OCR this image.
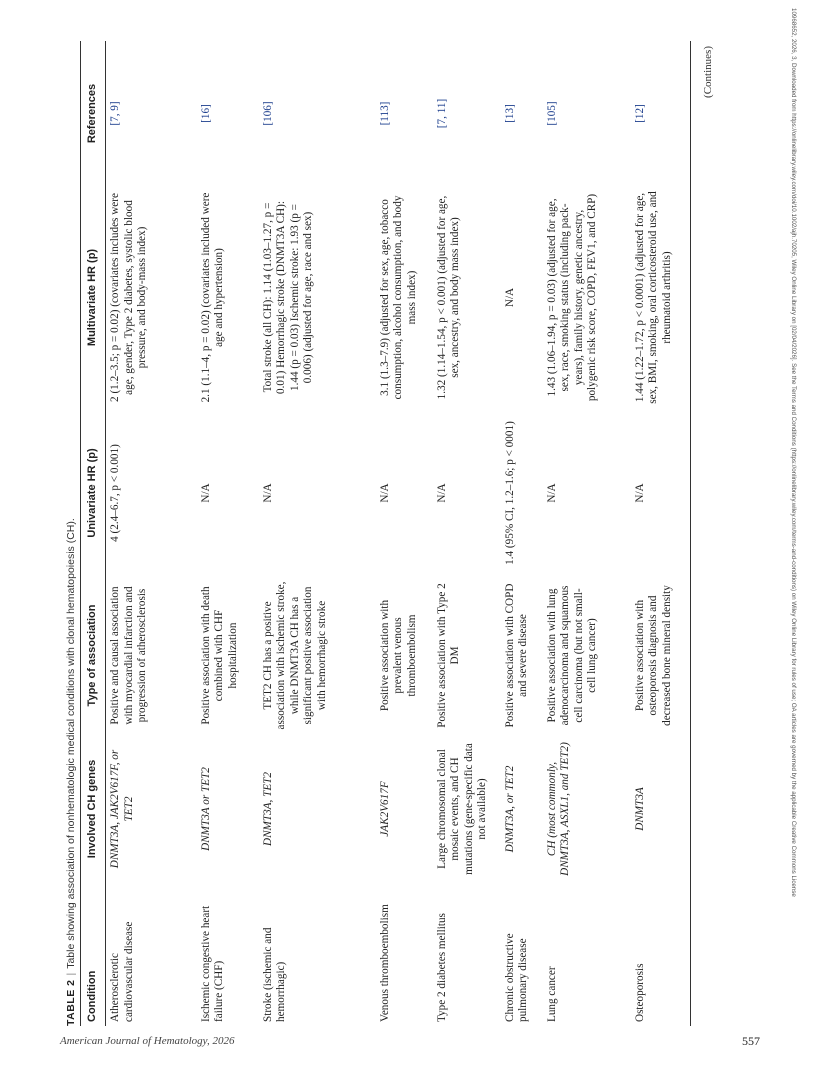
10968652, 2026, 3, Downloaded from https://onlinelibrary.wiley.com/doi/10.1002/ajh.70205, Wiley Online Library on [02/04/2026]. See the Terms and Conditions (https://onlinelibrary.wiley.com/terms-and-conditions) on Wiley Online Library for rules of use; OA articles are governed by the applicable Creative Commons License
TABLE 2|Table showing association of nonhematologic medical conditions with clonal hematopoiesis (CH).
Condition	Involved CH genes	Type of association	Univariate HR (p)	Multivariate HR (p)	References
Atherosclerotic cardiovascular disease	DNMT3A, JAK2V617F, or TET2	Positive and causal association with myocardial infarction and progression of atherosclerosis	4 (2.4–6.7, p < 0.001)	2 (1.2–3.5; p = 0.02) (covariates includes were age, gender, Type 2 diabetes, systolic blood pressure, and body-mass index)	[7, 9]
Ischemic congestive heart failure (CHF)	DNMT3A or TET2	Positive association with death combined with CHF hospitalization	N/A	2.1 (1.1–4, p = 0.02) (covariates included were age and hypertension)	[16]
Stroke (ischemic and hemorrhagic)	DNMT3A, TET2	TET2 CH has a positive association with ischemic stroke, while DNMT3A CH has a significant positive association with hemorrhagic stroke	N/A	Total stroke (all CH): 1.14 (1.03–1.27, p = 0.01) Hemorrhagic stroke (DNMT3A CH): 1.44 (p = 0.03) Ischemic stroke: 1.93 (p = 0.006) (adjusted for age, race and sex)	[106]
Venous thromboembolism	JAK2V617F	Positive association with prevalent venous thromboembolism	N/A	3.1 (1.3–7.9) (adjusted for sex, age, tobacco consumption, alcohol consumption, and body mass index)	[113]
Type 2 diabetes mellitus	Large chromosomal clonal mosaic events, and CH mutations (gene-specific data not available)	Positive association with Type 2 DM	N/A	1.32 (1.14–1.54, p < 0.001) (adjusted for age, sex, ancestry, and body mass index)	[7, 11]
Chronic obstructive pulmonary disease	DNMT3A, or TET2	Positive association with COPD and severe disease	1.4 (95% CI, 1.2–1.6; p < 0001)	N/A	[13]
Lung cancer	CH (most commonly, DNMT3A, ASXL1, and TET2)	Positive association with lung adenocarcinoma and squamous cell carcinoma (but not small-cell lung cancer)	N/A	1.43 (1.06–1.94, p = 0.03) (adjusted for age, sex, race, smoking status (including pack-years), family history, genetic ancestry, polygenic risk score, COPD, FEV1, and CRP)	[105]
Osteoporosis	DNMT3A	Positive association with osteoporosis diagnosis and decreased bone mineral density	N/A	1.44 (1.22–1.72, p < 0.0001) (adjusted for age, sex, BMI, smoking, oral corticosteroid use, and rheumatoid arthritis)	[12]
(Continues)
American Journal of Hematology, 2026	557
